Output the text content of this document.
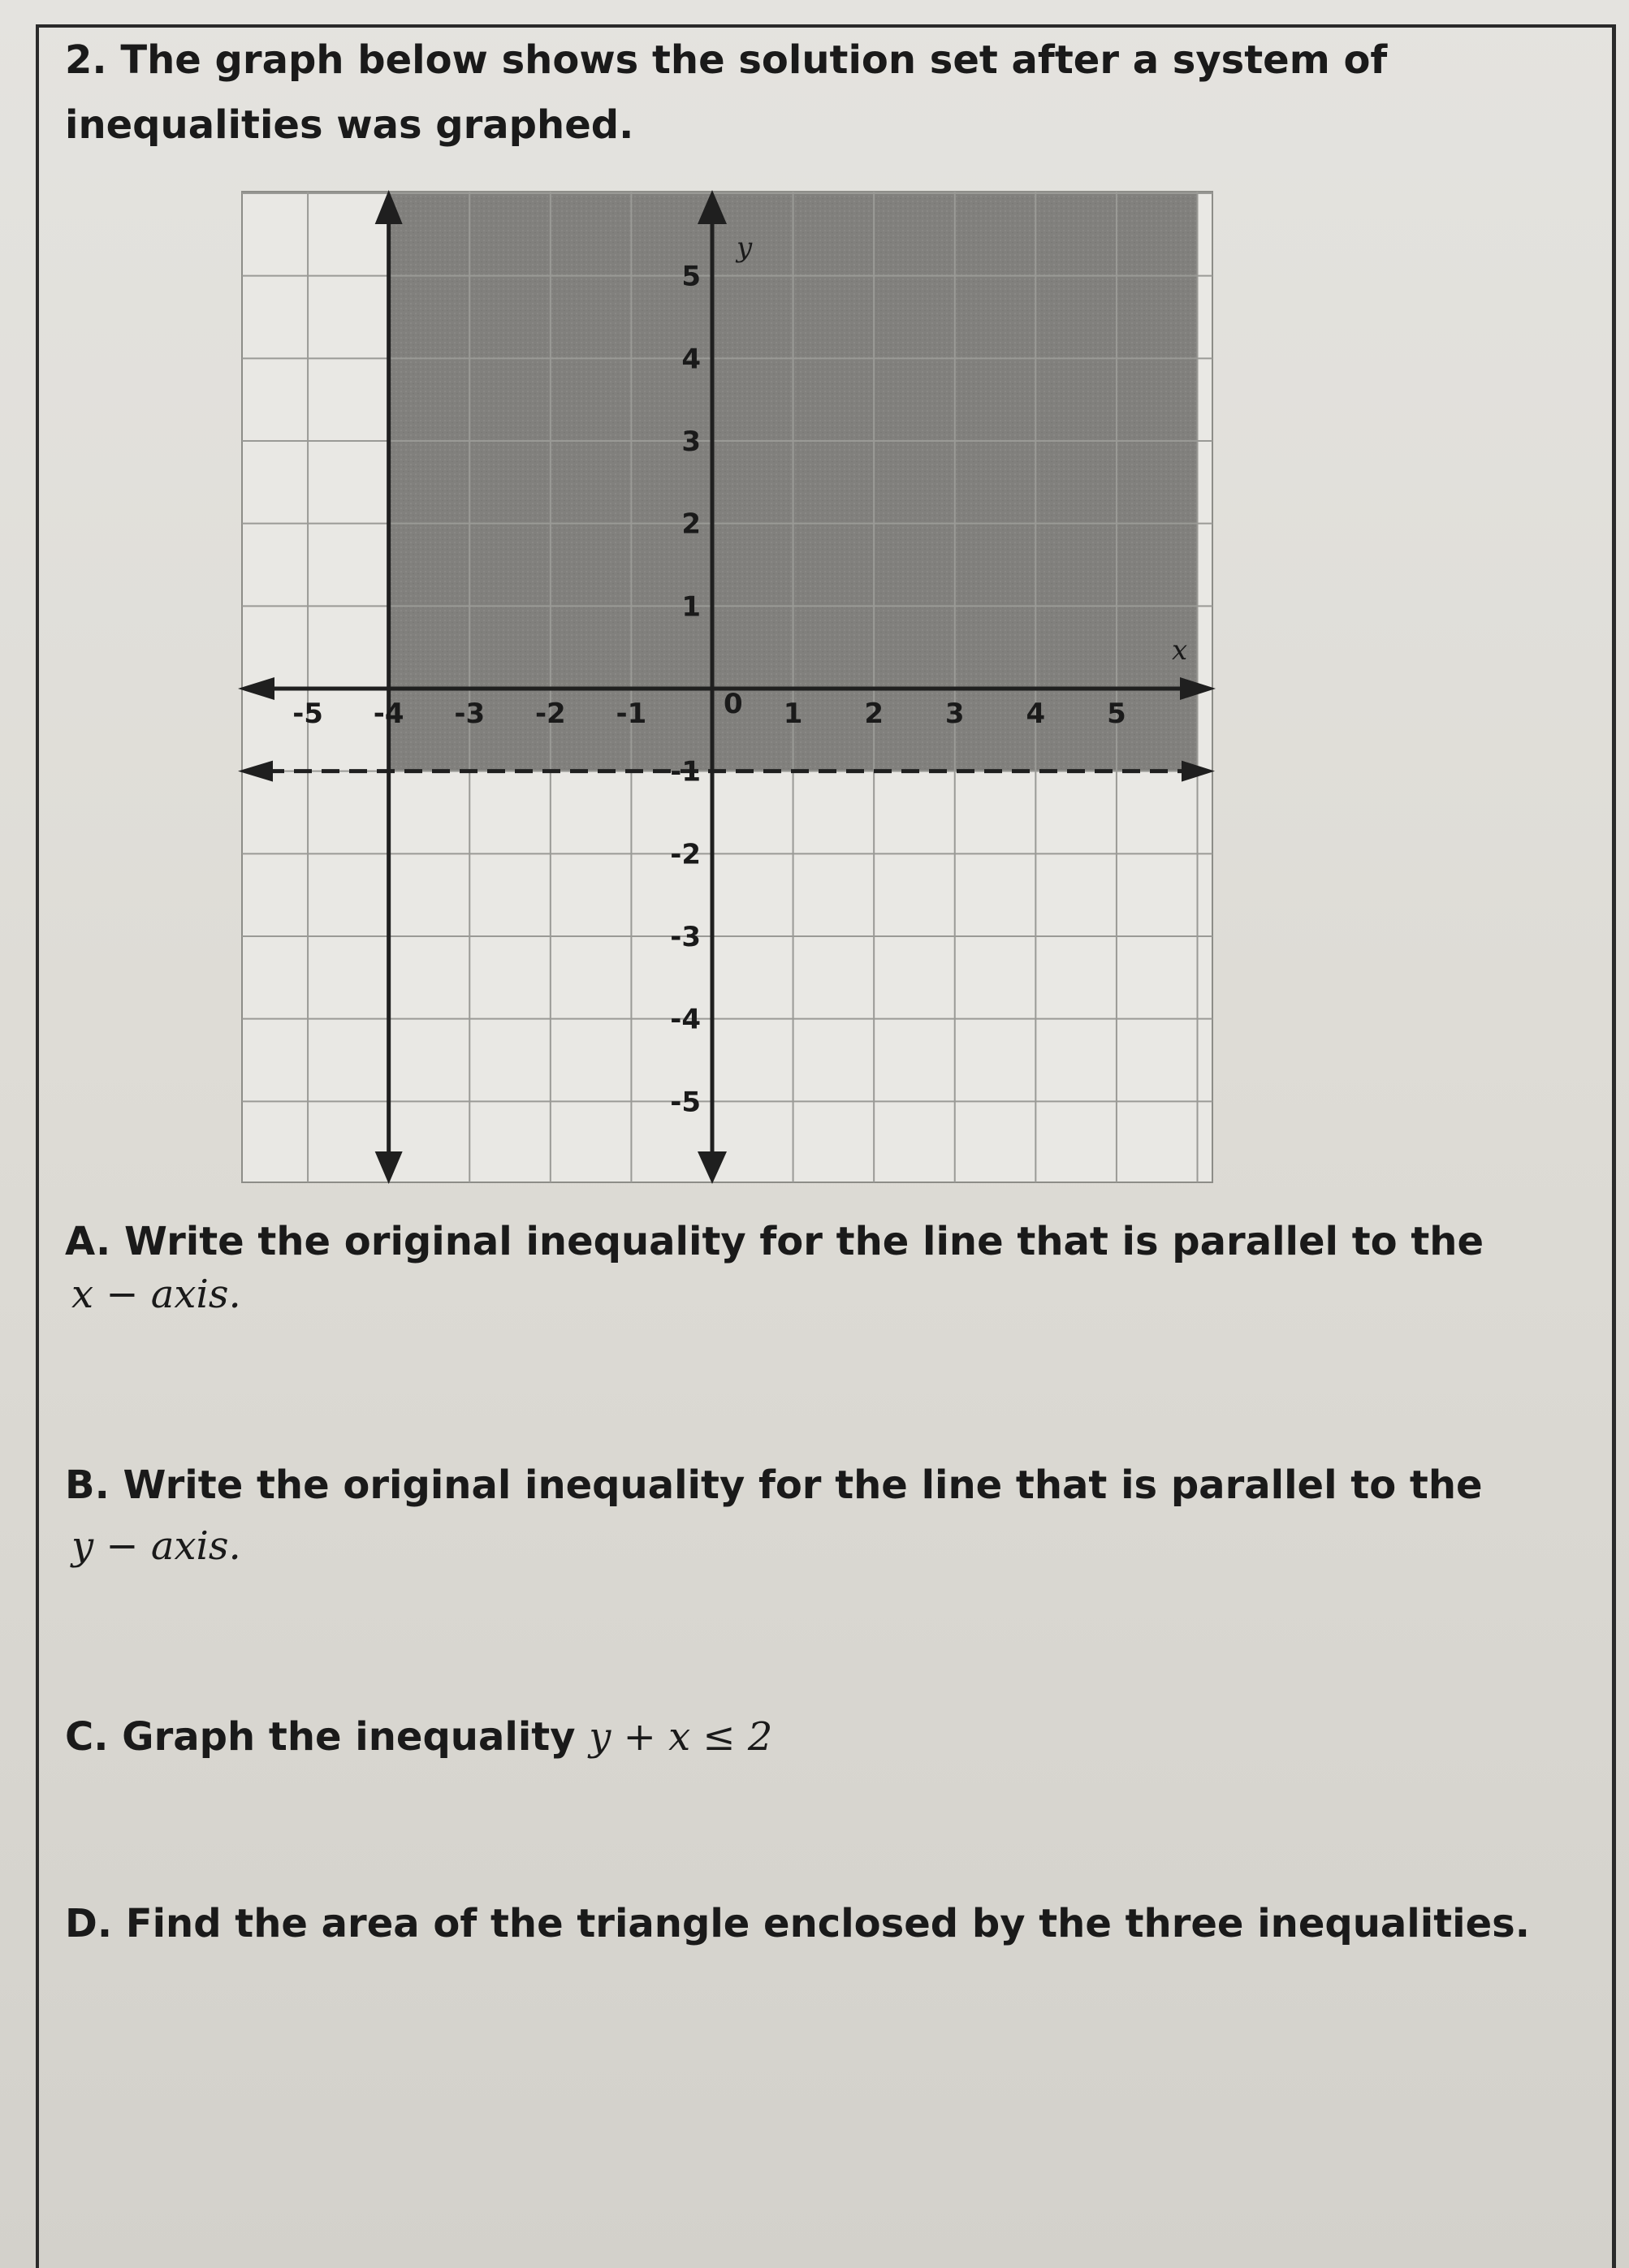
2. The graph below shows the solution set after a system of
inequalities was graphed.
-5 -4 -3 -2 -1	1 2 3 4 5
5
4
3
2
1
-1
-2
-3
-4
-5
x
y
0
A. Write the original inequality for the line that is parallel to the
x − axis.
B. Write the original inequality for the line that is parallel to the
y − axis.
C. Graph the inequality y + x ≤ 2
D. Find the area of the triangle enclosed by the three inequalities.
